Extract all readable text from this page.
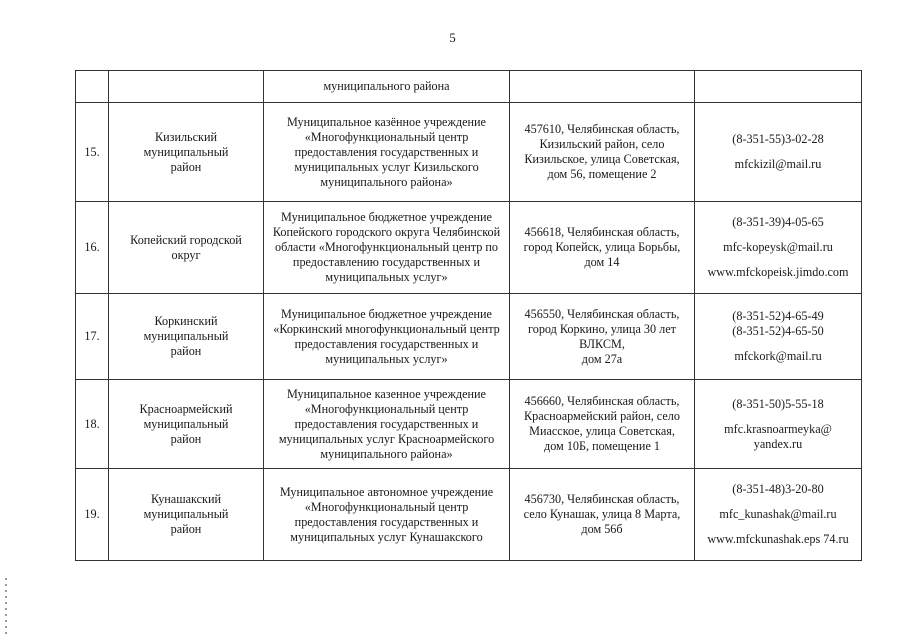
5
		муниципального района		
15.	Кизильский
муниципальный
район	Муниципальное казённое учреждение
«Многофункциональный центр
предоставления государственных и
муниципальных услуг Кизильского
муниципального района»	457610, Челябинская область,
Кизильский район, село
Кизильское, улица Советская,
дом 56, помещение 2	(8-351-55)3-02-28
mfckizil@mail.ru

16.	Копейский городской
округ	Муниципальное бюджетное учреждение
Копейского городского округа Челябинской
области «Многофункциональный центр по
предоставлению государственных и
муниципальных услуг»	456618, Челябинская область,
город Копейск, улица Борьбы,
дом 14	(8-351-39)4-05-65
mfc-kopeysk@mail.ru
www.mfckopeisk.jimdo.com

17.	Коркинский
муниципальный
район	Муниципальное бюджетное учреждение
«Коркинский многофункциональный центр
предоставления государственных и
муниципальных услуг»	456550, Челябинская область,
город Коркино, улица 30 лет
ВЛКСМ,
дом 27а	(8-351-52)4-65-49
(8-351-52)4-65-50
mfckork@mail.ru

18.	Красноармейский
муниципальный
район	Муниципальное казенное учреждение
«Многофункциональный центр
предоставления государственных и
муниципальных услуг Красноармейского
муниципального района»	456660, Челябинская область,
Красноармейский район, село
Миасское, улица Советская,
дом 10Б, помещение 1	(8-351-50)5-55-18
mfc.krasnoarmeyka@
yandex.ru

19.	Кунашакский
муниципальный
район	Муниципальное автономное учреждение
«Многофункциональный центр
предоставления государственных и
муниципальных услуг Кунашакского	456730, Челябинская область,
село Кунашак, улица 8 Марта,
дом 56б	(8-351-48)3-20-80
mfc_kunashak@mail.ru
www.mfckunashak.eps 74.ru
